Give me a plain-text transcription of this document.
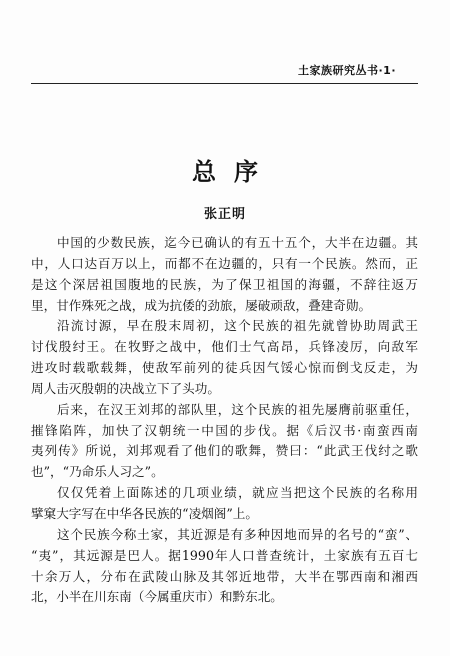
土家族研究丛书·1·
总序
张正明
中国的少数民族，迄今已确认的有五十五个，大半在边疆。其
中，人口达百万以上，而都不在边疆的，只有一个民族。然而，正
是这个深居祖国腹地的民族，为了保卫祖国的海疆，不辞往返万
里，甘作殊死之战，成为抗倭的劲旅，屡破顽敌，叠建奇勋。
沿流讨源，早在殷末周初，这个民族的祖先就曾协助周武王
讨伐殷纣王。在牧野之战中，他们士气高昂，兵锋凌厉，向敌军
进攻时载歌载舞，使敌军前列的徒兵因气馁心惊而倒戈反走，为
周人击灭殷朝的决战立下了头功。
后来，在汉王刘邦的部队里，这个民族的祖先屡膺前驱重任，
摧锋陷阵，加快了汉朝统一中国的步伐。据《后汉书·南蛮西南
夷列传》所说，刘邦观看了他们的歌舞，赞曰：“此武王伐纣之歌
也”，“乃命乐人习之”。
仅仅凭着上面陈述的几项业绩，就应当把这个民族的名称用
擘窠大字写在中华各民族的“凌烟阁”上。
这个民族今称土家，其近源是有多种因地而异的名号的“蛮”、
“夷”，其远源是巴人。据1990年人口普查统计，土家族有五百七
十余万人，分布在武陵山脉及其邻近地带，大半在鄂西南和湘西
北，小半在川东南（今属重庆市）和黔东北。
